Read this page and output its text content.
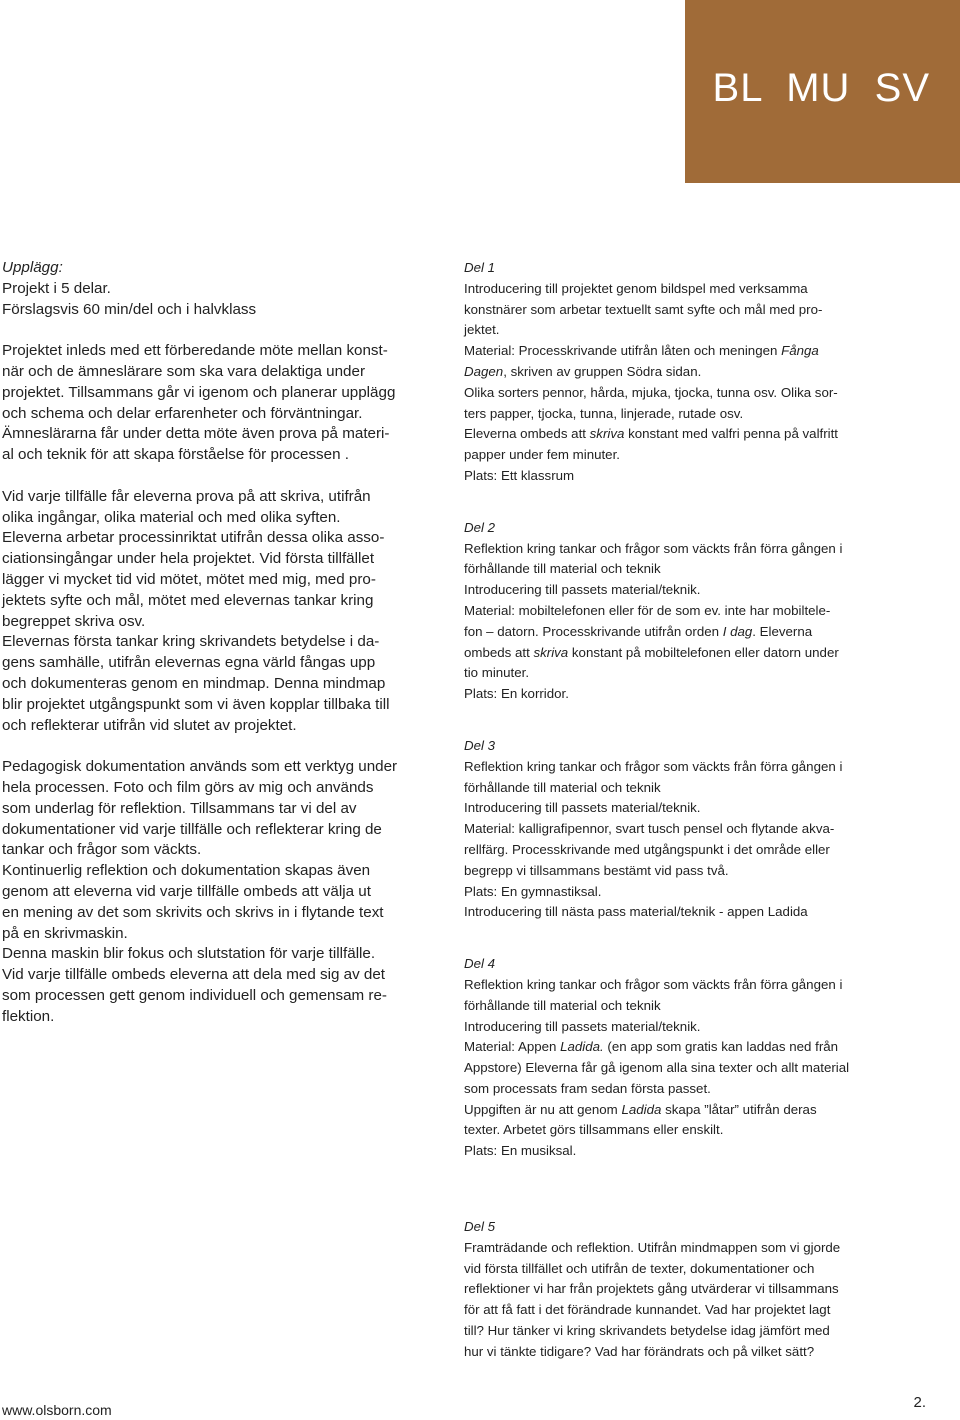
BL  MU  SV

Upplägg:

Projekt i 5 delar.

Förslagsvis 60 min/del och i halvklass

Projektet inleds med ett förberedande möte mellan konst-

när och de ämneslärare som ska vara delaktiga under

projektet. Tillsammans går vi igenom och planerar upplägg

och schema och delar erfarenheter och förväntningar.

Ämneslärarna får under detta möte även prova på materi-

al och teknik för att skapa förståelse för processen .

Vid varje tillfälle får eleverna prova på att skriva, utifrån

olika ingångar, olika material och med olika syften.

Eleverna arbetar processinriktat utifrån dessa olika asso-

ciationsingångar under hela projektet. Vid första tillfället

lägger vi mycket tid vid mötet, mötet med mig, med pro-

jektets syfte och mål, mötet med elevernas tankar kring

begreppet skriva osv.

Elevernas första tankar kring skrivandets betydelse i da-

gens samhälle, utifrån elevernas egna värld fångas upp

och dokumenteras genom en mindmap. Denna mindmap

blir projektet utgångspunkt som vi även kopplar tillbaka till

och reflekterar utifrån vid slutet av projektet.

Pedagogisk dokumentation används som ett verktyg under

hela processen. Foto och film görs av mig och används

som underlag för reflektion. Tillsammans tar vi del av

dokumentationer vid varje tillfälle och reflekterar kring de

tankar och frågor som väckts.

Kontinuerlig reflektion och dokumentation skapas även

genom att eleverna vid varje tillfälle ombeds att välja ut

en mening av det som skrivits och skrivs in i flytande text

på en skrivmaskin.

Denna maskin blir fokus och slutstation för varje tillfälle.

Vid varje tillfälle ombeds eleverna att dela med sig av det

som processen gett genom individuell och gemensam re-

flektion.

Del 1

Introducering till projektet genom bildspel med verksamma

konstnärer som arbetar textuellt samt syfte och mål med pro-

jektet.

Material: Processkrivande utifrån låten och meningen Fånga

Dagen, skriven av gruppen Södra sidan.

Olika sorters pennor, hårda, mjuka, tjocka, tunna osv. Olika sor-

ters papper, tjocka, tunna, linjerade, rutade osv.

Eleverna ombeds att skriva konstant med valfri penna på valfritt

papper under fem minuter.

Plats: Ett klassrum

Del 2

Reflektion kring tankar och frågor som väckts från förra gången i

förhållande till material och teknik

Introducering till passets material/teknik.

Material: mobiltelefonen eller för de som ev. inte har mobiltele-

fon – datorn. Processkrivande utifrån orden I dag. Eleverna

ombeds att skriva konstant på mobiltelefonen eller datorn under

tio minuter.

Plats: En korridor.

Del 3

Reflektion kring tankar och frågor som väckts från förra gången i

förhållande till material och teknik

Introducering till passets material/teknik.

Material: kalligrafipennor, svart tusch pensel och flytande akva-

rellfärg. Processkrivande med utgångspunkt i det område eller

begrepp vi tillsammans bestämt vid pass två.

Plats: En gymnastiksal.

Introducering till nästa pass material/teknik - appen Ladida

Del 4

Reflektion kring tankar och frågor som väckts från förra gången i

förhållande till material och teknik

Introducering till passets material/teknik.

Material: Appen Ladida. (en app som gratis kan laddas ned från

Appstore) Eleverna får gå igenom alla sina texter och allt material

som processats fram sedan första passet.

Uppgiften är nu att genom Ladida skapa ”låtar” utifrån deras

texter. Arbetet görs tillsammans eller enskilt.

Plats: En musiksal.

Del 5

Framträdande och reflektion. Utifrån mindmappen som vi gjorde

vid första tillfället och utifrån de texter, dokumentationer och

reflektioner vi har från projektets gång utvärderar vi tillsammans

för att få fatt i det förändrade kunnandet. Vad har projektet lagt

till? Hur tänker vi kring skrivandets betydelse idag jämfört med

hur vi tänkte tidigare? Vad har förändrats och på vilket sätt?

www.olsborn.com	2.
